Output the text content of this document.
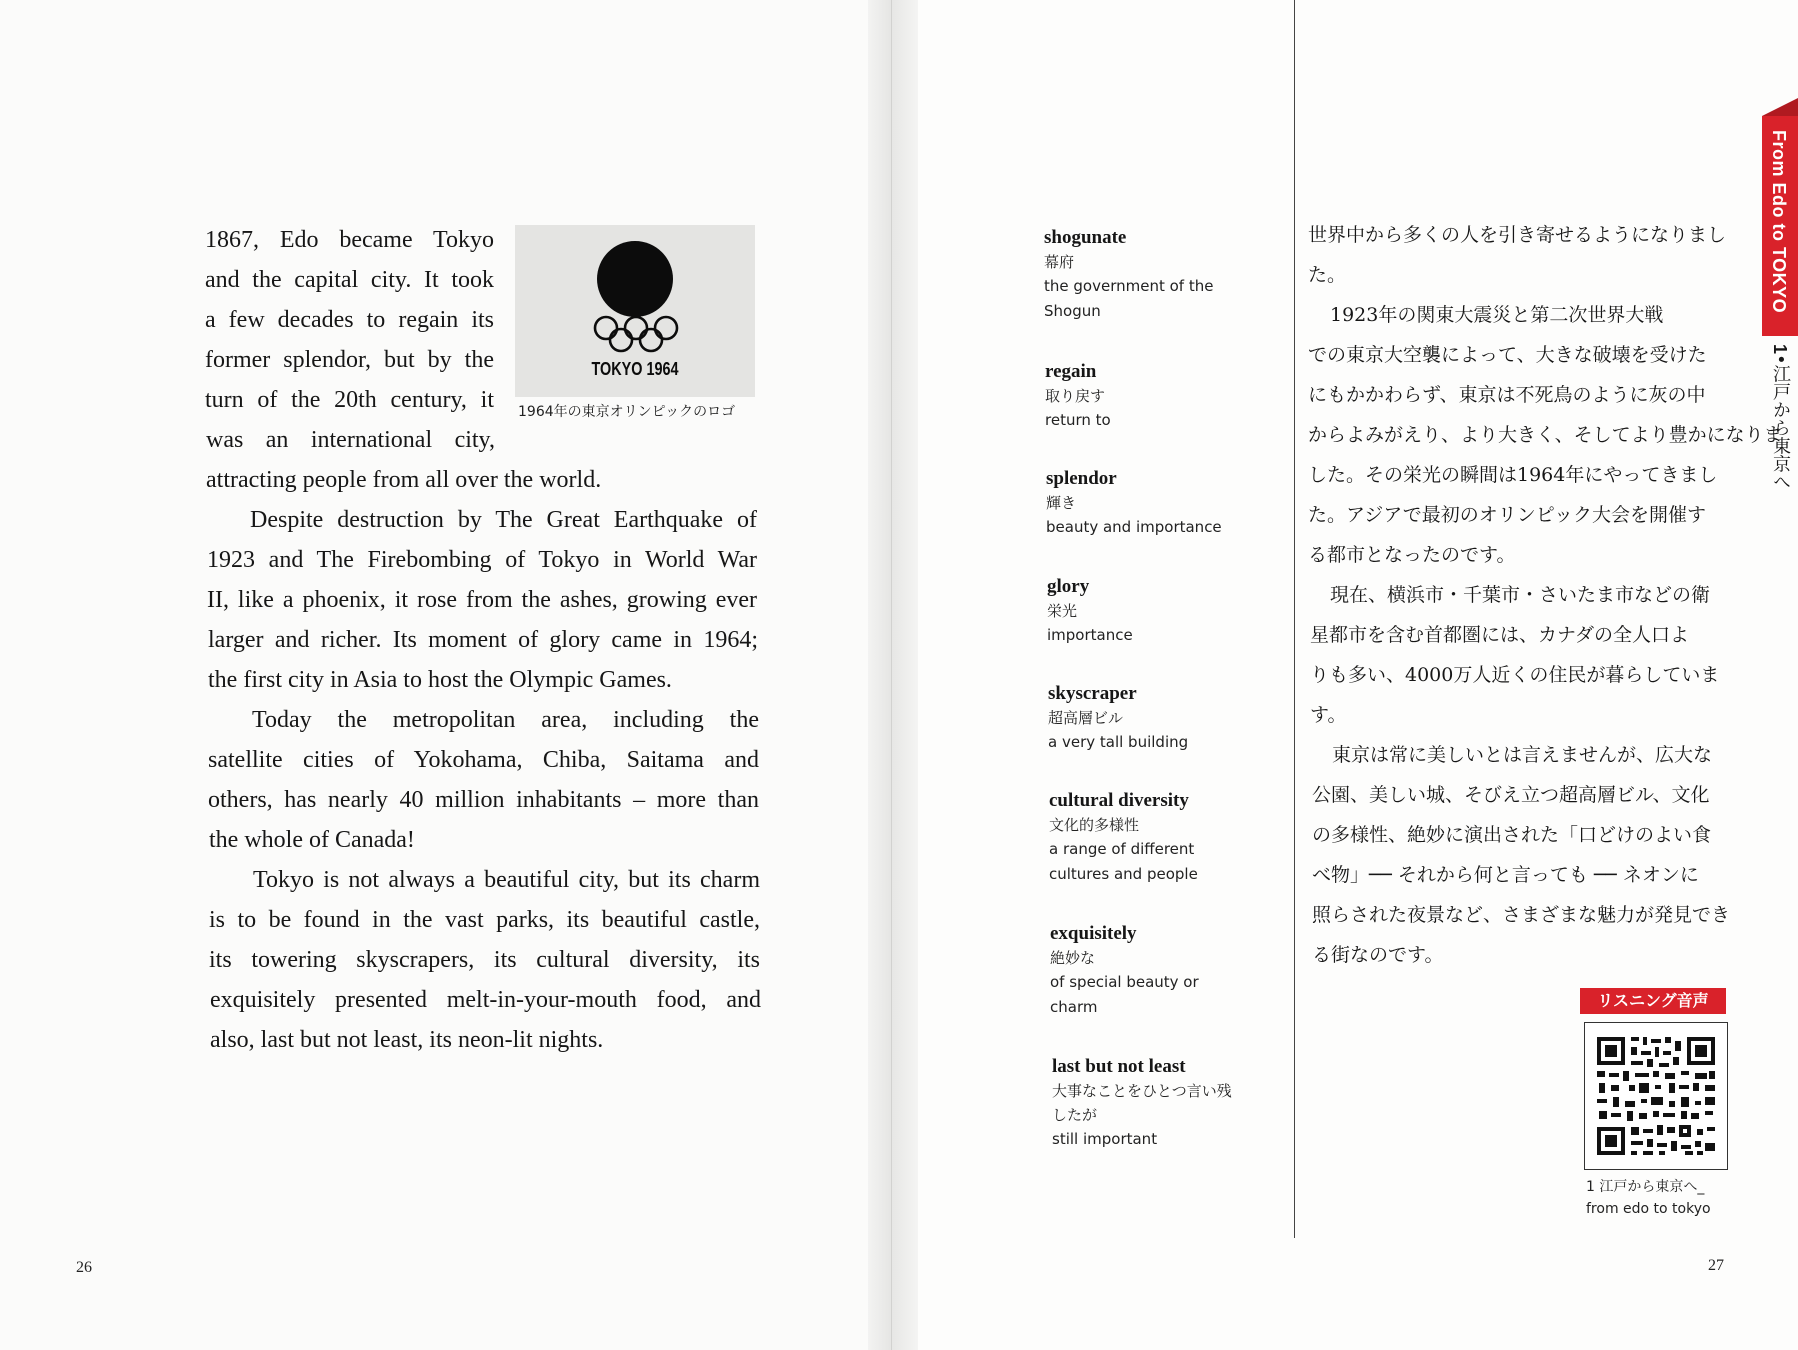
TOKYO 1964
1964年の東京オリンピックのロゴ
1867, Edo became Tokyo
and the capital city. It took
a few decades to regain its
former splendor, but by the
turn of the 20th century, it
was an international city,
attracting people from all over the world.
Despite destruction by The Great Earthquake of
1923 and The Firebombing of Tokyo in World War
II, like a phoenix, it rose from the ashes, growing ever
larger and richer. Its moment of glory came in 1964;
the first city in Asia to host the Olympic Games.
Today the metropolitan area, including the
satellite cities of Yokohama, Chiba, Saitama and
others, has nearly 40 million inhabitants – more than
the whole of Canada!
Tokyo is not always a beautiful city, but its charm
is to be found in the vast parks, its beautiful castle,
its towering skyscrapers, its cultural diversity, its
exquisitely presented melt-in-your-mouth food, and
also, last but not least, its neon-lit nights.
26
shogunate
幕府
the government of the
Shogun
regain
取り戻す
return to
splendor
輝き
beauty and importance
glory
栄光
importance
skyscraper
超高層ビル
a very tall building
cultural diversity
文化的多様性
a range of different
cultures and people
exquisitely
絶妙な
of special beauty or
charm
last but not least
大事なことをひとつ言い残
したが
still important
世界中から多くの人を引き寄せるようになりまし
た。
1923年の関東大震災と第二次世界大戦
での東京大空襲によって、大きな破壊を受けた
にもかかわらず、東京は不死鳥のように灰の中
からよみがえり、より大きく、そしてより豊かになりま
した。その栄光の瞬間は1964年にやってきまし
た。アジアで最初のオリンピック大会を開催す
る都市となったのです。
現在、横浜市・千葉市・さいたま市などの衛
星都市を含む首都圏には、カナダの全人口よ
りも多い、4000万人近くの住民が暮らしていま
す。
東京は常に美しいとは言えませんが、広大な
公園、美しい城、そびえ立つ超高層ビル、文化
の多様性、絶妙に演出された「口どけのよい食
べ物」── それから何と言っても ── ネオンに
照らされた夜景など、さまざまな魅力が発見でき
る街なのです。
From Edo to TOKYO
1•江戸から東京へ
リスニング音声
1 江戸から東京へ_
from edo to tokyo
27
